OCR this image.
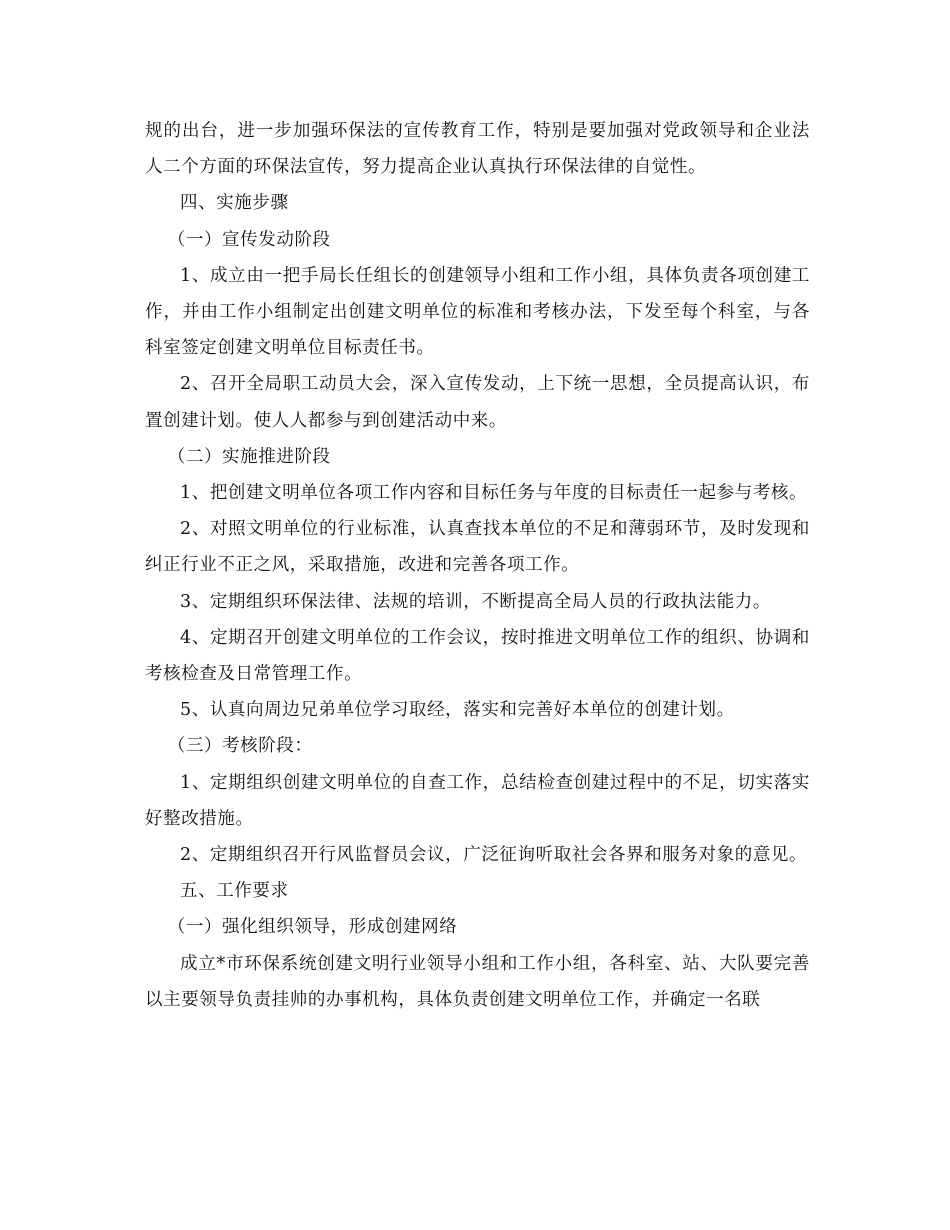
规的出台，进一步加强环保法的宣传教育工作，特别是要加强对党政领导和企业法人二个方面的环保法宣传，努力提高企业认真执行环保法律的自觉性。

四、实施步骤

（一）宣传发动阶段

1、成立由一把手局长任组长的创建领导小组和工作小组，具体负责各项创建工作，并由工作小组制定出创建文明单位的标准和考核办法，下发至每个科室，与各科室签定创建文明单位目标责任书。

2、召开全局职工动员大会，深入宣传发动，上下统一思想，全员提高认识，布置创建计划。使人人都参与到创建活动中来。

（二）实施推进阶段

1、把创建文明单位各项工作内容和目标任务与年度的目标责任一起参与考核。

2、对照文明单位的行业标准，认真查找本单位的不足和薄弱环节，及时发现和纠正行业不正之风，采取措施，改进和完善各项工作。

3、定期组织环保法律、法规的培训，不断提高全局人员的行政执法能力。

4、定期召开创建文明单位的工作会议，按时推进文明单位工作的组织、协调和考核检查及日常管理工作。

5、认真向周边兄弟单位学习取经，落实和完善好本单位的创建计划。

（三）考核阶段：

1、定期组织创建文明单位的自查工作，总结检查创建过程中的不足，切实落实好整改措施。

2、定期组织召开行风监督员会议，广泛征询听取社会各界和服务对象的意见。

五、工作要求

（一）强化组织领导，形成创建网络

成立*市环保系统创建文明行业领导小组和工作小组，各科室、站、大队要完善以主要领导负责挂帅的办事机构，具体负责创建文明单位工作，并确定一名联
